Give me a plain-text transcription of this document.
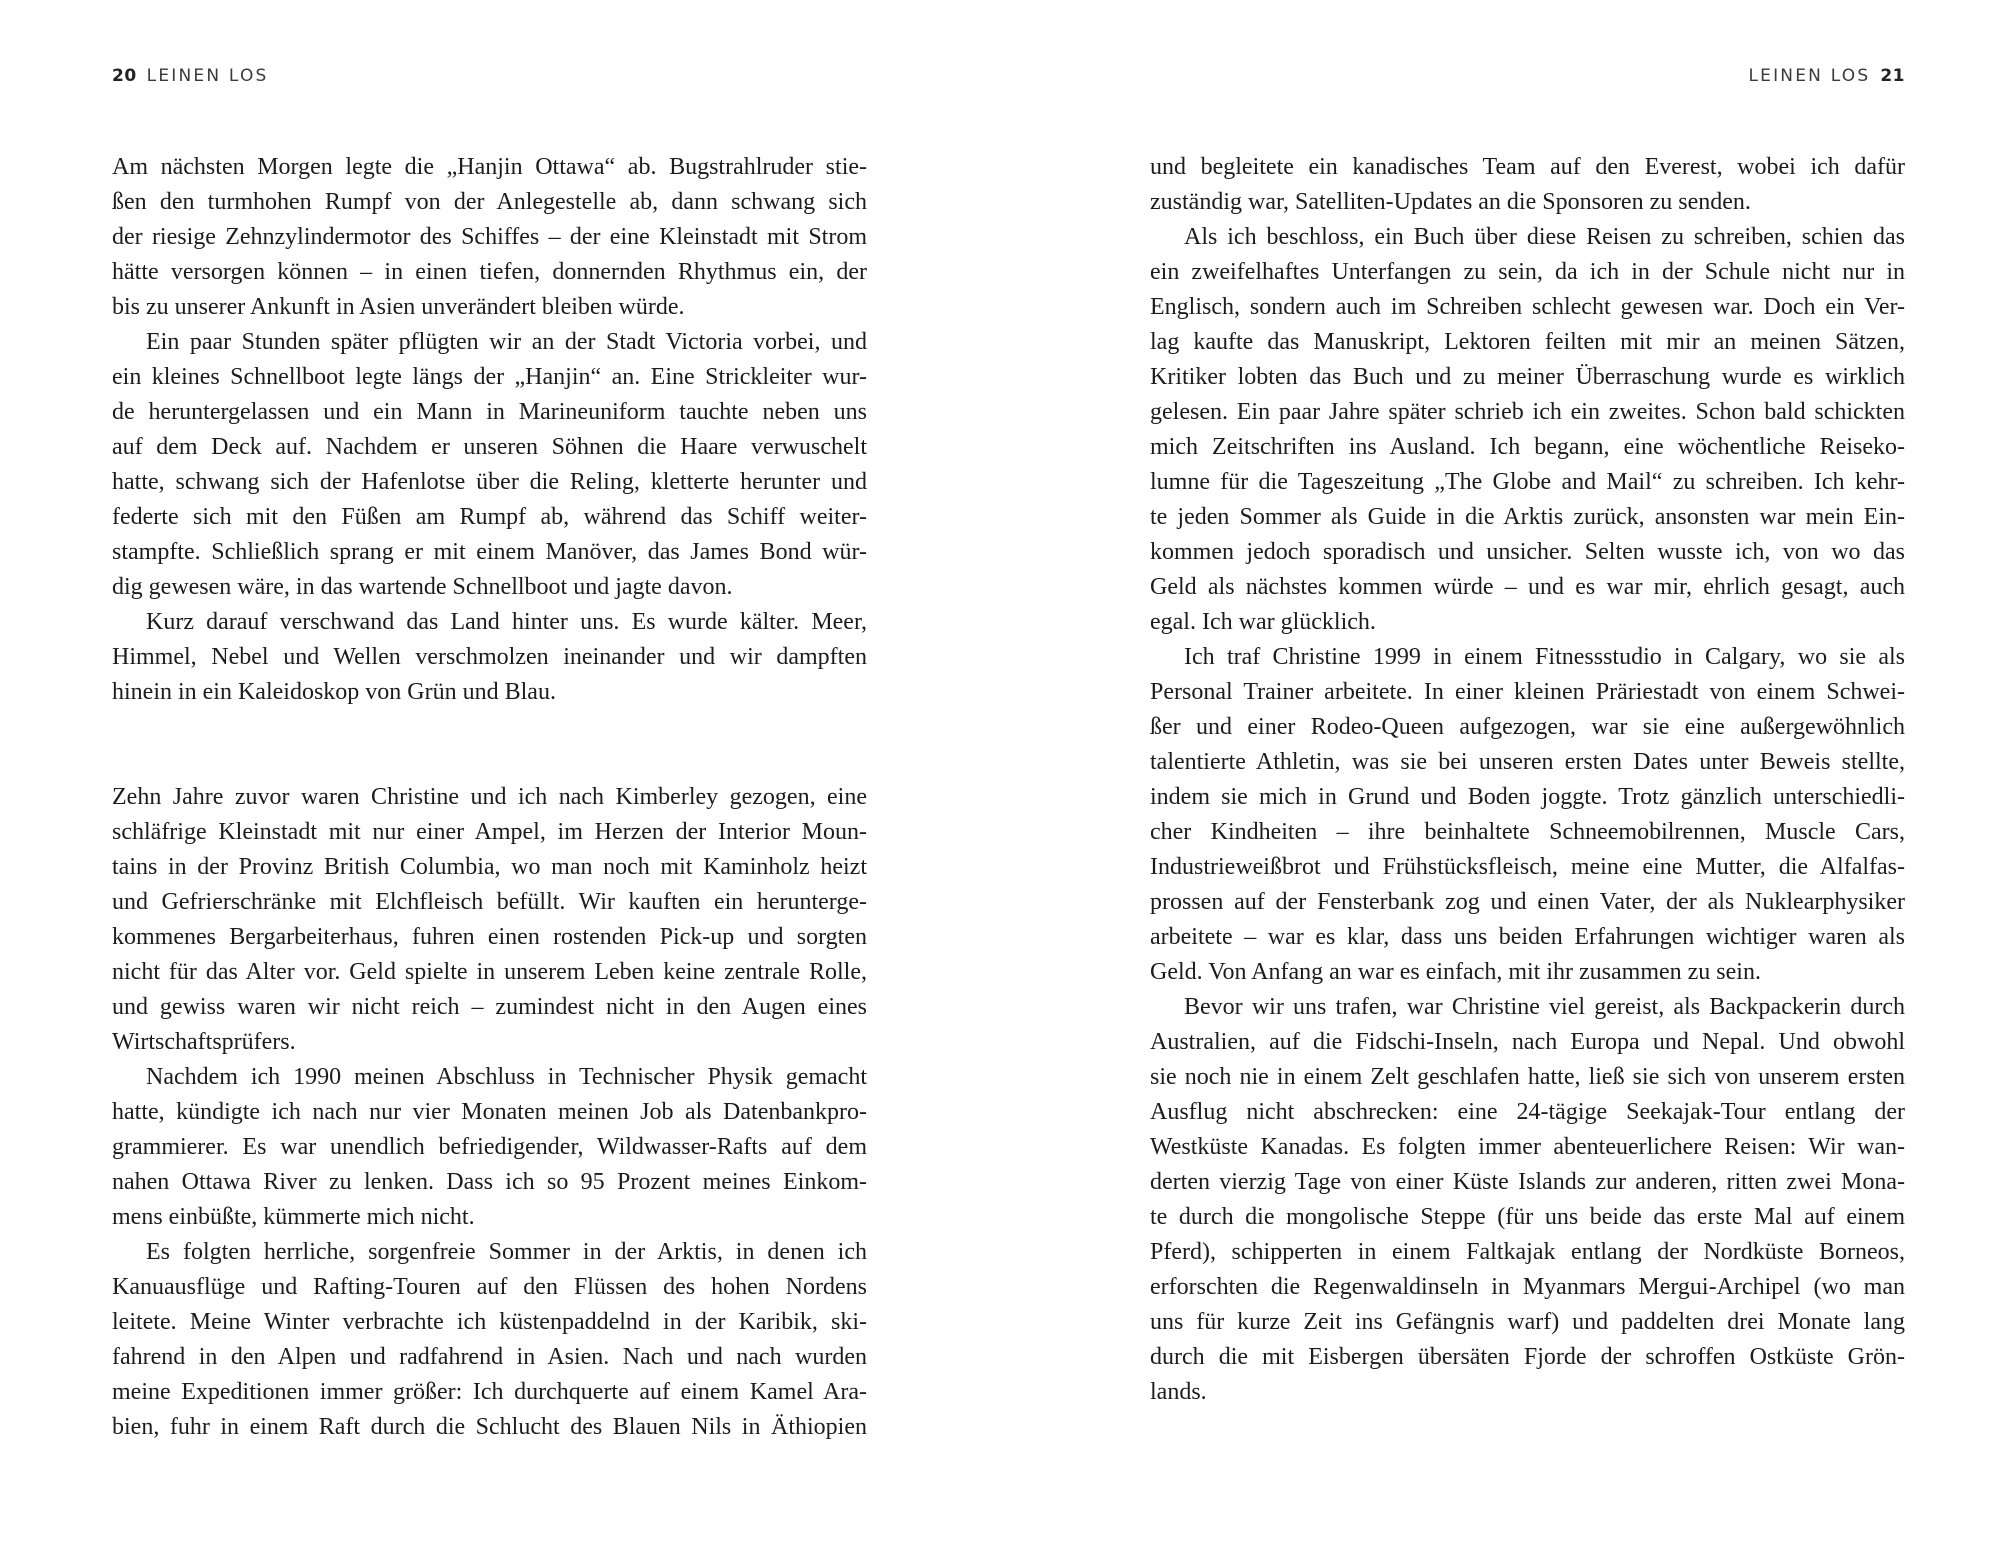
20 LEINEN LOS
Am nächsten Morgen legte die „Hanjin Ottawa“ ab. Bugstrahlruder stie-
ßen den turmhohen Rumpf von der Anlegestelle ab, dann schwang sich
der riesige Zehnzylindermotor des Schiffes – der eine Kleinstadt mit Strom
hätte versorgen können – in einen tiefen, donnernden Rhythmus ein, der
bis zu unserer Ankunft in Asien unverändert bleiben würde.
Ein paar Stunden später pflügten wir an der Stadt Victoria vorbei, und
ein kleines Schnellboot legte längs der „Hanjin“ an. Eine Strickleiter wur-
de heruntergelassen und ein Mann in Marineuniform tauchte neben uns
auf dem Deck auf. Nachdem er unseren Söhnen die Haare verwuschelt
hatte, schwang sich der Hafenlotse über die Reling, kletterte herunter und
federte sich mit den Füßen am Rumpf ab, während das Schiff weiter-
stampfte. Schließlich sprang er mit einem Manöver, das James Bond wür-
dig gewesen wäre, in das wartende Schnellboot und jagte davon.
Kurz darauf verschwand das Land hinter uns. Es wurde kälter. Meer,
Himmel, Nebel und Wellen verschmolzen ineinander und wir dampften
hinein in ein Kaleidoskop von Grün und Blau.
Zehn Jahre zuvor waren Christine und ich nach Kimberley gezogen, eine
schläfrige Kleinstadt mit nur einer Ampel, im Herzen der Interior Moun-
tains in der Provinz British Columbia, wo man noch mit Kaminholz heizt
und Gefrierschränke mit Elchfleisch befüllt. Wir kauften ein herunterge-
kommenes Bergarbeiterhaus, fuhren einen rostenden Pick-up und sorgten
nicht für das Alter vor. Geld spielte in unserem Leben keine zentrale Rolle,
und gewiss waren wir nicht reich – zumindest nicht in den Augen eines
Wirtschaftsprüfers.
Nachdem ich 1990 meinen Abschluss in Technischer Physik gemacht
hatte, kündigte ich nach nur vier Monaten meinen Job als Datenbankpro-
grammierer. Es war unendlich befriedigender, Wildwasser-Rafts auf dem
nahen Ottawa River zu lenken. Dass ich so 95 Prozent meines Einkom-
mens einbüßte, kümmerte mich nicht.
Es folgten herrliche, sorgenfreie Sommer in der Arktis, in denen ich
Kanuausflüge und Rafting-Touren auf den Flüssen des hohen Nordens
leitete. Meine Winter verbrachte ich küstenpaddelnd in der Karibik, ski-
fahrend in den Alpen und radfahrend in Asien. Nach und nach wurden
meine Expeditionen immer größer: Ich durchquerte auf einem Kamel Ara-
bien, fuhr in einem Raft durch die Schlucht des Blauen Nils in Äthiopien
LEINEN LOS 21
und begleitete ein kanadisches Team auf den Everest, wobei ich dafür
zuständig war, Satelliten-Updates an die Sponsoren zu senden.
Als ich beschloss, ein Buch über diese Reisen zu schreiben, schien das
ein zweifelhaftes Unterfangen zu sein, da ich in der Schule nicht nur in
Englisch, sondern auch im Schreiben schlecht gewesen war. Doch ein Ver-
lag kaufte das Manuskript, Lektoren feilten mit mir an meinen Sätzen,
Kritiker lobten das Buch und zu meiner Überraschung wurde es wirklich
gelesen. Ein paar Jahre später schrieb ich ein zweites. Schon bald schickten
mich Zeitschriften ins Ausland. Ich begann, eine wöchentliche Reiseko-
lumne für die Tageszeitung „The Globe and Mail“ zu schreiben. Ich kehr-
te jeden Sommer als Guide in die Arktis zurück, ansonsten war mein Ein-
kommen jedoch sporadisch und unsicher. Selten wusste ich, von wo das
Geld als nächstes kommen würde – und es war mir, ehrlich gesagt, auch
egal. Ich war glücklich.
Ich traf Christine 1999 in einem Fitnessstudio in Calgary, wo sie als
Personal Trainer arbeitete. In einer kleinen Präriestadt von einem Schwei-
ßer und einer Rodeo-Queen aufgezogen, war sie eine außergewöhnlich
talentierte Athletin, was sie bei unseren ersten Dates unter Beweis stellte,
indem sie mich in Grund und Boden joggte. Trotz gänzlich unterschiedli-
cher Kindheiten – ihre beinhaltete Schneemobilrennen, Muscle Cars,
Industrieweißbrot und Frühstücksfleisch, meine eine Mutter, die Alfalfas-
prossen auf der Fensterbank zog und einen Vater, der als Nuklearphysiker
arbeitete – war es klar, dass uns beiden Erfahrungen wichtiger waren als
Geld. Von Anfang an war es einfach, mit ihr zusammen zu sein.
Bevor wir uns trafen, war Christine viel gereist, als Backpackerin durch
Australien, auf die Fidschi-Inseln, nach Europa und Nepal. Und obwohl
sie noch nie in einem Zelt geschlafen hatte, ließ sie sich von unserem ersten
Ausflug nicht abschrecken: eine 24-tägige Seekajak-Tour entlang der
Westküste Kanadas. Es folgten immer abenteuerlichere Reisen: Wir wan-
derten vierzig Tage von einer Küste Islands zur anderen, ritten zwei Mona-
te durch die mongolische Steppe (für uns beide das erste Mal auf einem
Pferd), schipperten in einem Faltkajak entlang der Nordküste Borneos,
erforschten die Regenwaldinseln in Myanmars Mergui-Archipel (wo man
uns für kurze Zeit ins Gefängnis warf) und paddelten drei Monate lang
durch die mit Eisbergen übersäten Fjorde der schroffen Ostküste Grön-
lands.
